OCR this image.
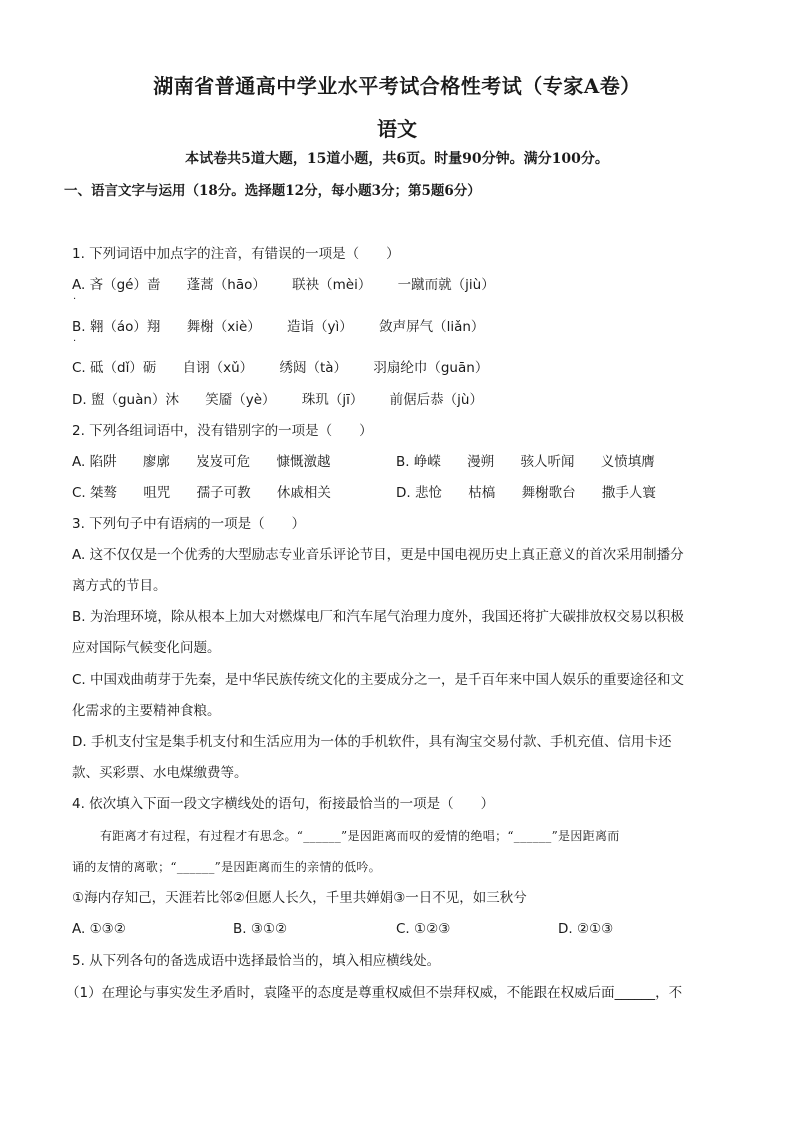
湖南省普通高中学业水平考试合格性考试（专家A卷）
语文
本试卷共5道大题，15道小题，共6页。时量90分钟。满分100分。
一、语言文字与运用（18分。选择题12分，每小题3分；第5题6分）
1. 下列词语中加点字的注音，有错误的一项是（　　）
A. 吝（gé）啬 蓬蒿（hāo） 联袂（mèi） 一蹴而就（jiù）
·
B. 翱（áo）翔 舞榭（xiè） 造诣（yì） 敛声屏气（liǎn）
·
C. 砥（dǐ）砺 自诩（xǔ） 绣闼（tà） 羽扇纶巾（guān）
D. 盥（guàn）沐 笑靥（yè） 珠玑（jī） 前倨后恭（jù）
2. 下列各组词语中，没有错别字的一项是（　　）
A. 陷阱 廖廓 岌岌可危 慷慨激越	B. 峥嵘 漫朔 骇人听闻 义愤填膺
C. 桀骜 咀咒 孺子可教 休戚相关	D. 悲怆 枯槁 舞榭歌台 撒手人寰
3. 下列句子中有语病的一项是（　　）
A. 这不仅仅是一个优秀的大型励志专业音乐评论节目，更是中国电视历史上真正意义的首次采用制播分
离方式的节目。
B. 为治理环境，除从根本上加大对燃煤电厂和汽车尾气治理力度外，我国还将扩大碳排放权交易以积极
应对国际气候变化问题。
C. 中国戏曲萌芽于先秦，是中华民族传统文化的主要成分之一，是千百年来中国人娱乐的重要途径和文
化需求的主要精神食粮。
D. 手机支付宝是集手机支付和生活应用为一体的手机软件，具有淘宝交易付款、手机充值、信用卡还
款、买彩票、水电煤缴费等。
4. 依次填入下面一段文字横线处的语句，衔接最恰当的一项是（　　）
有距离才有过程，有过程才有思念。“______”是因距离而叹的爱情的绝唱；“______”是因距离而
诵的友情的离歌；“______”是因距离而生的亲情的低吟。
①海内存知己，天涯若比邻②但愿人长久，千里共婵娟③一日不见，如三秋兮
A. ①③②	B. ③①②	C. ①②③	D. ②①③
5. 从下列各句的备选成语中选择最恰当的，填入相应横线处。
（1）在理论与事实发生矛盾时，袁隆平的态度是尊重权威但不崇拜权威，不能跟在权威后面______，不
